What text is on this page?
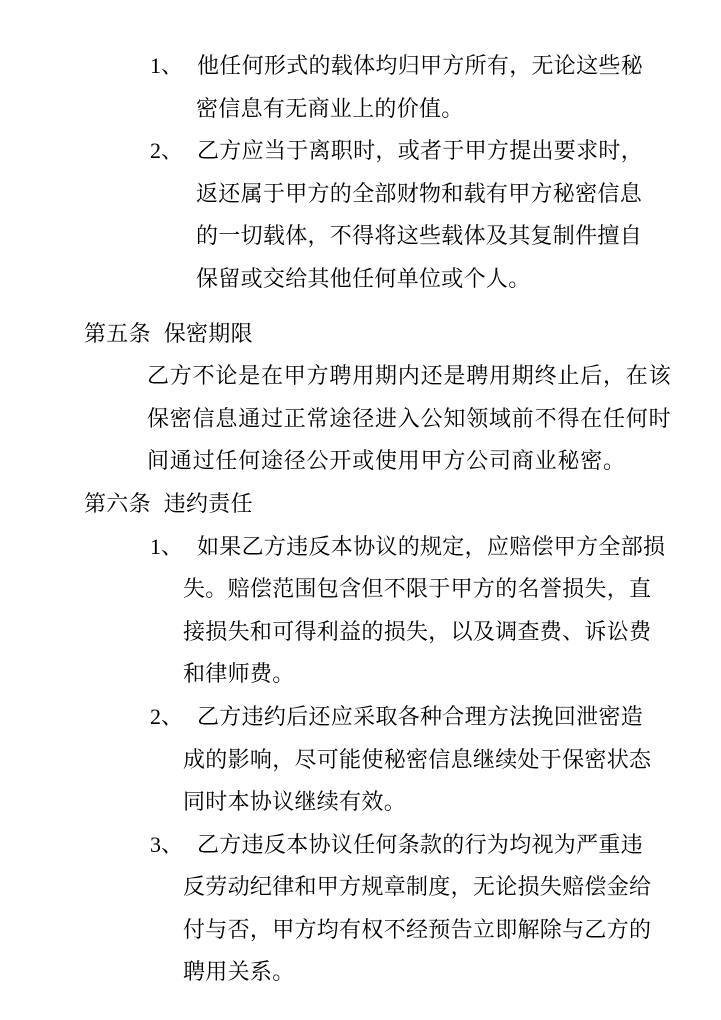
1、 他任何形式的载体均归甲方所有，无论这些秘
密信息有无商业上的价值。
2、 乙方应当于离职时，或者于甲方提出要求时，
返还属于甲方的全部财物和载有甲方秘密信息
的一切载体，不得将这些载体及其复制件擅自
保留或交给其他任何单位或个人。
第五条 保密期限
乙方不论是在甲方聘用期内还是聘用期终止后，在该
保密信息通过正常途径进入公知领域前不得在任何时
间通过任何途径公开或使用甲方公司商业秘密。
第六条 违约责任
1、 如果乙方违反本协议的规定，应赔偿甲方全部损
失。赔偿范围包含但不限于甲方的名誉损失，直
接损失和可得利益的损失，以及调查费、诉讼费
和律师费。
2、 乙方违约后还应采取各种合理方法挽回泄密造
成的影响，尽可能使秘密信息继续处于保密状态
同时本协议继续有效。
3、 乙方违反本协议任何条款的行为均视为严重违
反劳动纪律和甲方规章制度，无论损失赔偿金给
付与否，甲方均有权不经预告立即解除与乙方的
聘用关系。
